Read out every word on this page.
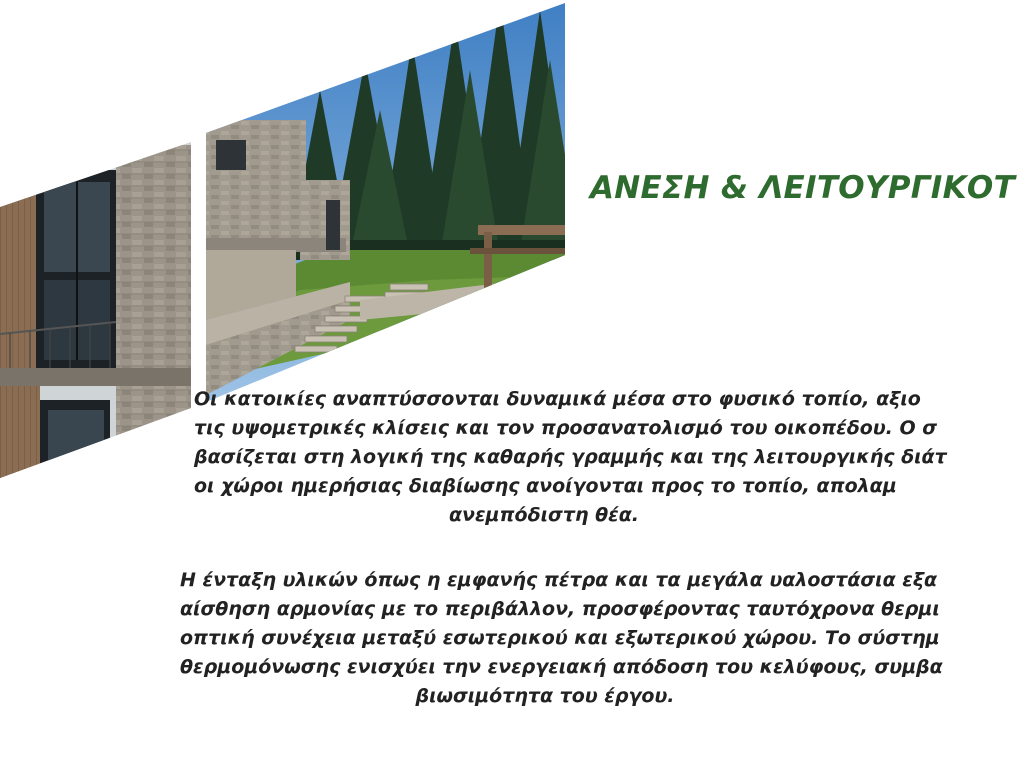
ΑΝΕΣΗ & ΛΕΙΤΟΥΡΓΙΚΟΤ

Οι κατοικίες αναπτύσσονται δυναμικά μέσα στο φυσικό τοπίο, αξιο
τις υψομετρικές κλίσεις και τον προσανατολισμό του οικοπέδου. Ο σ
βασίζεται στη λογική της καθαρής γραμμής και της λειτουργικής διάτ
οι χώροι ημερήσιας διαβίωσης ανοίγονται προς το τοπίο, απολαμ
ανεμπόδιστη θέα.

Η ένταξη υλικών όπως η εμφανής πέτρα και τα μεγάλα υαλοστάσια εξα
αίσθηση αρμονίας με το περιβάλλον, προσφέροντας ταυτόχρονα θερμι
οπτική συνέχεια μεταξύ εσωτερικού και εξωτερικού χώρου. Το σύστημ
θερμομόνωσης ενισχύει την ενεργειακή απόδοση του κελύφους, συμβα
βιωσιμότητα του έργου.
